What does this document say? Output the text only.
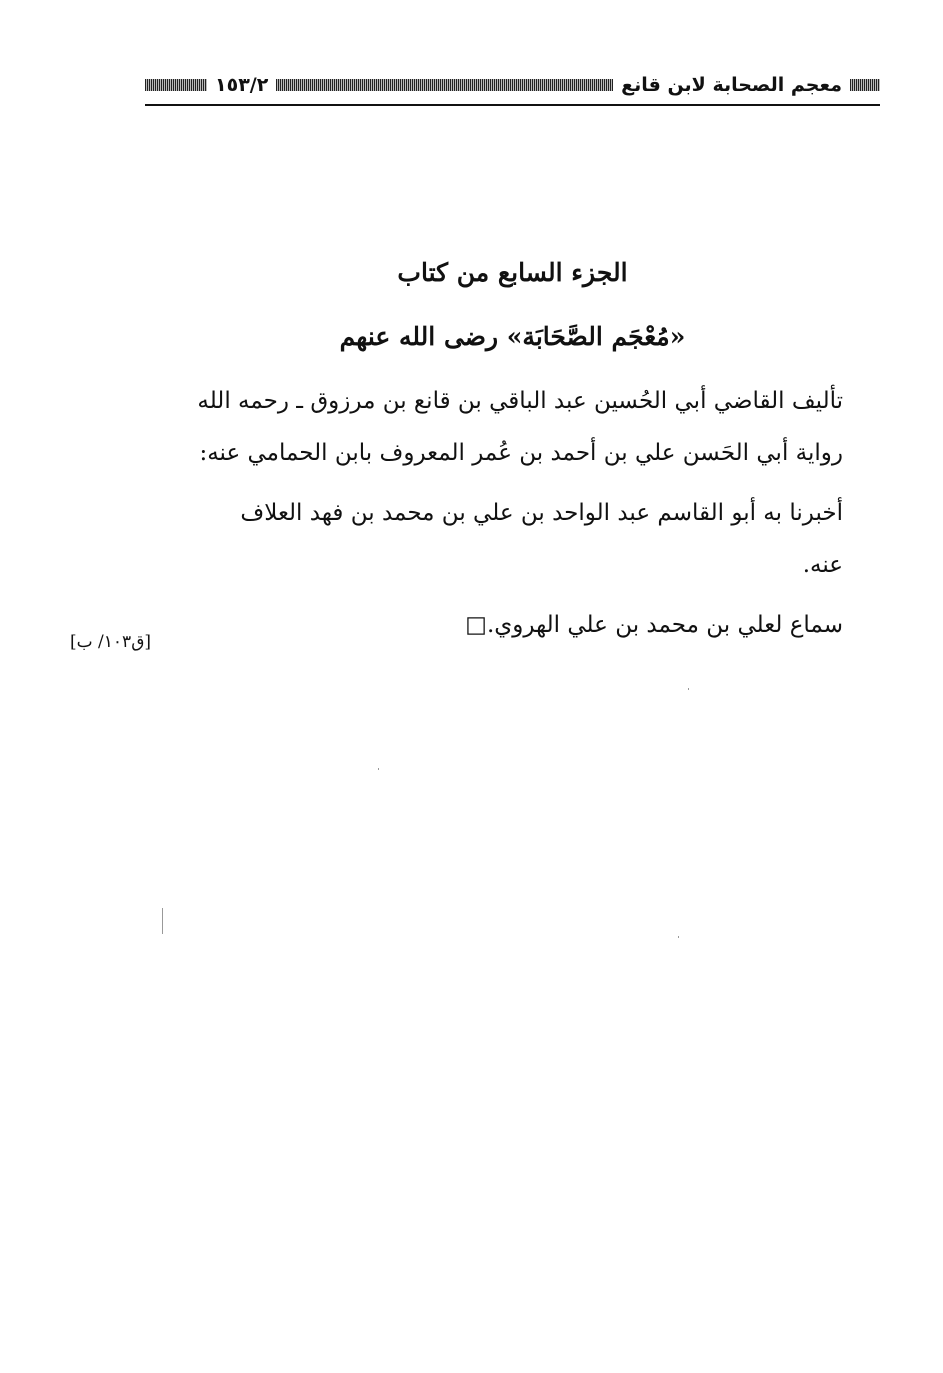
معجم الصحابة لابن قانع
١٥٣/٢
الجزء السابع من كتاب
«مُعْجَم الصَّحَابَة» رضى الله عنهم
تأليف القاضي أبي الحُسين عبد الباقي بن قانع بن مرزوق ـ رحمه الله
رواية أبي الحَسن علي بن أحمد بن عُمر المعروف بابن الحمامي عنه:
أخبرنا به أبو القاسم عبد الواحد بن علي بن محمد بن فهد العلاف
عنه.
سماع لعلي بن محمد بن علي الهروي.□
[ق١٠٣/ ب]
